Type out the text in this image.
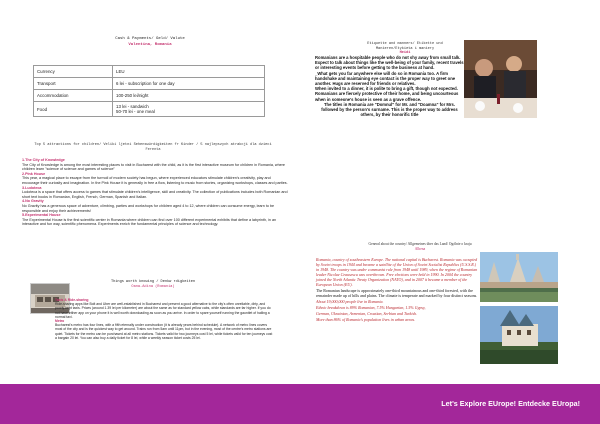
Cash & Payments/ Geld/ Valute
Valentina, Romania
Currency	LEU
Transport	6 lei - subscription for one day
Accommodation	100-250 lei/night
Food	13 lei - sandwich
50-70 lei - one meal
Top 5 attractions for children/ Veliki ljetni Sehenswürdigkeiten fr Kinder / 5 najlepszych atrakcji dla dzieci
Ferenta

1.The City of Knowledge

The City of Knowledge is among the most interesting places to visit in Bucharest with the child, as it is the first interactive museum for children in Romania, where children learn "science of science and games of science"

2.Pink House

This year, a magical place to escape from the turmoil of modern society has begun, where experienced educators stimulate children's creativity, play and encourage their curiosity and imagination. In the Pink House it is generally in free a flow, listening to music from stories, organizing workshops, classes and parties.

3.Ludoteca

Ludoteca is a space that offers access to games that stimulate children's intelligence, skill and creativity. The collection of publications includes both Romanian and short text books in Romanian, English, French, German, Spanish and Italian.

4.No Gravity

No Gravity has a generous space of adventure, climbing, parties and workshops for children aged 4 to 12, where children can consume energy, learn to be responsible and enjoy their achievements!

5.Experimental House

The Experimental House is the first scientific center in Romania where children can find over 100 different experimental exhibits that define a labyrinth, in an interactive and fun way, scientific phenomena. Experiments enrich the fundamental principles of science and technology.

Things worth knowing / Denkw rdigkeiten
Oana-Adina (Romania)

Taxis & Ride-sharing

Ride-sharing apps like Bolt and Uber are well-established in Bucharest and present a good alternative to the city's often unreliable, dirty, and poorly-kept taxis. Prices (around 1.39 lei per kilometer) are about the same as for standard yellow cabs, while standards are far higher. If you do not have either app on your phone it is well worth downloading as soon as you arrive. In order to spare yourself running the gauntlet of hailing a normal taxi.

Metro

Bucharest's metro has four lines, with a fifth eternally under construction (it is already years behind schedule). A network of metro lines covers most of the city and is the quickest way to get around. Trains run from 5am until 11pm, but in the evening, most of the centre's metro stations are quiet. Tickets for the metro can be purchased at all metro stations. Tickets valid for two journeys cost 5 lei, while tickets valid for ten journeys cost a bargain 20 lei. You can also buy a daily ticket for 8 lei, while a weekly season ticket costs 25 lei.

Etiquette and manners/ Etikette und Manieren/Etykieta i maniery
Heidi

Romanians are a hospitable people who do not shy away from small talk. Expect to talk about things like the well-being of your family, recent travels or interesting events before getting to the business at hand.

_What gets you far anywhere else will do so in Romania too. A firm handshake and maintaining eye contact is the proper way to greet one another. Hugs are reserved for friends or relatives.

When invited to a dinner, it is polite to bring a gift, though not expected. Romanians are fiercely protective of their home, and being uncourteous when in someone's house is seen as a grave offence.

The titles in Romania are "Domnul" for Mr. and "Doamna" for Mrs. followed by the person's surname. This is the proper way to address others, by their honorific title

General about the country/ Allgemeines über das Land/ Ogólnie o kraju
Albena

Romania, country of southeastern Europe. The national capital is Bucharest. Romania was occupied by Soviet troops in 1944 and became a satellite of the Union of Soviet Socialist Republics (U.S.S.R.) in 1948. The country was under communist rule from 1948 until 1989, when the regime of Romanian leader Nicolae Ceausescu was overthrown. Free elections were held in 1990. In 2004 the country joined the North Atlantic Treaty Organization (NATO), and in 2007 it became a member of the European Union (EU).

The Romanian landscape is approximately one-third mountainous and one-third forested, with the remainder made up of hills and plains. The climate is temperate and marked by four distinct seasons.

About 19,000,000 people live in Romania.

Ethnic breakdown is 89% Romanian, 7.5% Hungarian, 1.5% Gypsy,

German, Ukrainian, Armenian, Croatian, Serbian and Turkish.

More than 86% of Romania's population lives in urban areas.

Let's Explore EUrope! Entdecke EUropa!
